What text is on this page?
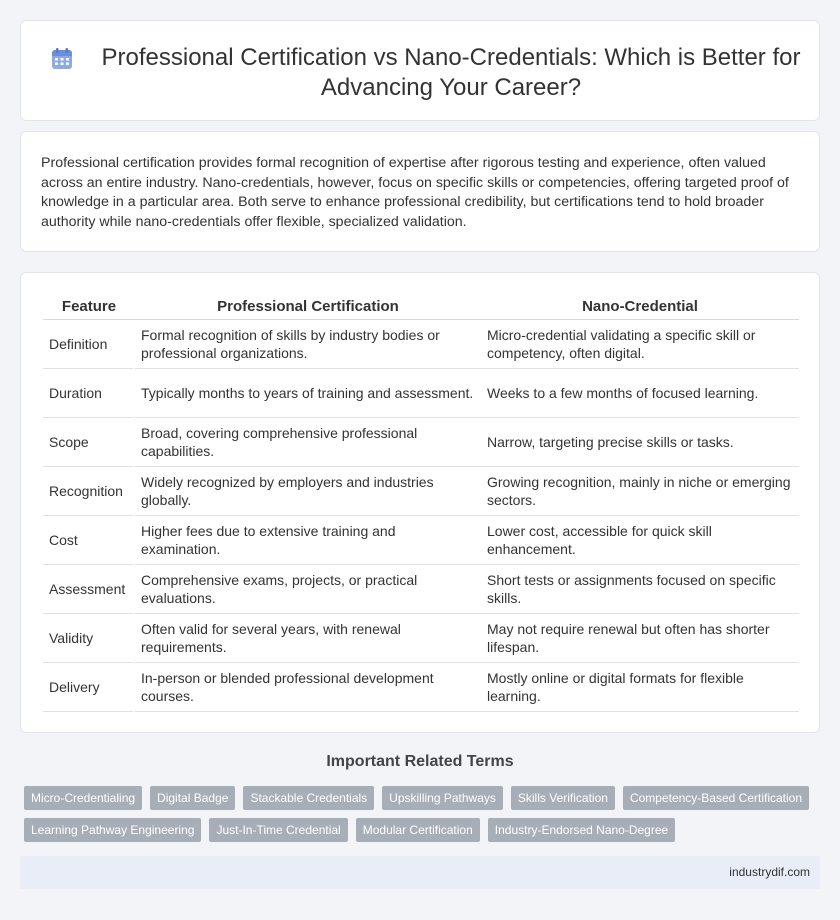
Professional Certification vs Nano-Credentials: Which is Better for Advancing Your Career?

Professional certification provides formal recognition of expertise after rigorous testing and experience, often valued across an entire industry. Nano-credentials, however, focus on specific skills or competencies, offering targeted proof of knowledge in a particular area. Both serve to enhance professional credibility, but certifications tend to hold broader authority while nano-credentials offer flexible, specialized validation.

Feature	Professional Certification	Nano-Credential
Definition	Formal recognition of skills by industry bodies or professional organizations.	Micro-credential validating a specific skill or competency, often digital.
Duration	Typically months to years of training and assessment.	Weeks to a few months of focused learning.
Scope	Broad, covering comprehensive professional capabilities.	Narrow, targeting precise skills or tasks.
Recognition	Widely recognized by employers and industries globally.	Growing recognition, mainly in niche or emerging sectors.
Cost	Higher fees due to extensive training and examination.	Lower cost, accessible for quick skill enhancement.
Assessment	Comprehensive exams, projects, or practical evaluations.	Short tests or assignments focused on specific skills.
Validity	Often valid for several years, with renewal requirements.	May not require renewal but often has shorter lifespan.
Delivery	In-person or blended professional development courses.	Mostly online or digital formats for flexible learning.
Important Related Terms
Micro-Credentialing	Digital Badge	Stackable Credentials	Upskilling Pathways	Skills Verification	Competency-Based Certification
Learning Pathway Engineering	Just-In-Time Credential	Modular Certification	Industry-Endorsed Nano-Degree
industrydif.com
